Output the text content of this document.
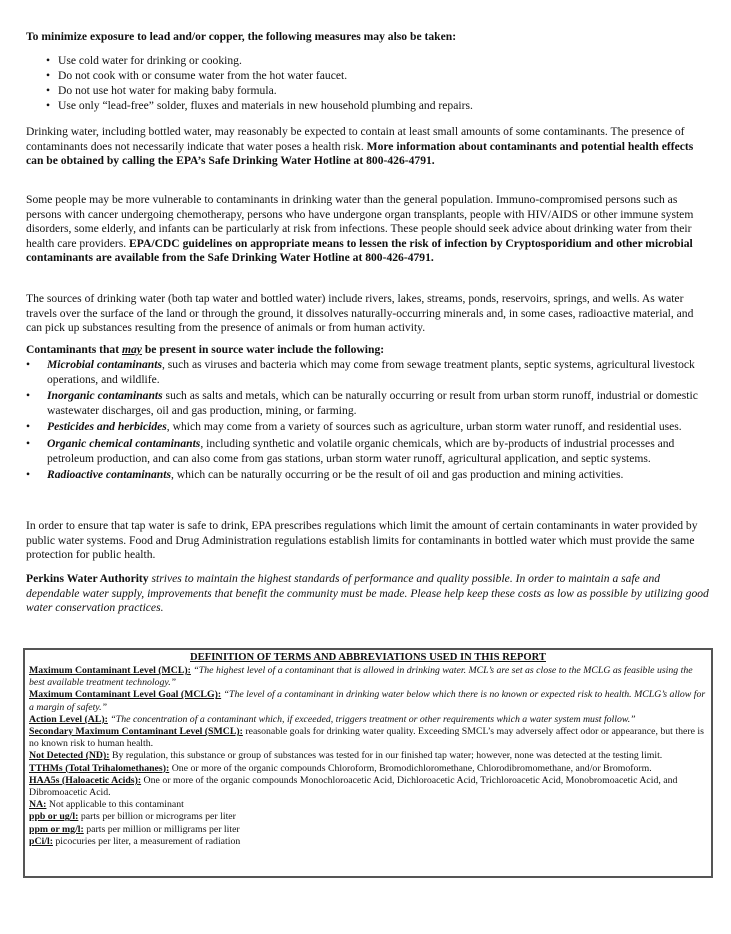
To minimize exposure to lead and/or copper, the following measures may also be taken:

• Use cold water for drinking or cooking.
• Do not cook with or consume water from the hot water faucet.
• Do not use hot water for making baby formula.
• Use only “lead-free” solder, fluxes and materials in new household plumbing and repairs.

Drinking water, including bottled water, may reasonably be expected to contain at least small amounts of some contaminants. The presence of contaminants does not necessarily indicate that water poses a health risk. More information about contaminants and potential health effects can be obtained by calling the EPA’s Safe Drinking Water Hotline at 800-426-4791.

Some people may be more vulnerable to contaminants in drinking water than the general population. Immuno-compromised persons such as persons with cancer undergoing chemotherapy, persons who have undergone organ transplants, people with HIV/AIDS or other immune system disorders, some elderly, and infants can be particularly at risk from infections. These people should seek advice about drinking water from their health care providers. EPA/CDC guidelines on appropriate means to lessen the risk of infection by Cryptosporidium and other microbial contaminants are available from the Safe Drinking Water Hotline at 800-426-4791.

The sources of drinking water (both tap water and bottled water) include rivers, lakes, streams, ponds, reservoirs, springs, and wells. As water travels over the surface of the land or through the ground, it dissolves naturally-occurring minerals and, in some cases, radioactive material, and can pick up substances resulting from the presence of animals or from human activity.

Contaminants that may be present in source water include the following:

• Microbial contaminants, such as viruses and bacteria which may come from sewage treatment plants, septic systems, agricultural livestock operations, and wildlife.
• Inorganic contaminants such as salts and metals, which can be naturally occurring or result from urban storm runoff, industrial or domestic wastewater discharges, oil and gas production, mining, or farming.
• Pesticides and herbicides, which may come from a variety of sources such as agriculture, urban storm water runoff, and residential uses.
• Organic chemical contaminants, including synthetic and volatile organic chemicals, which are by-products of industrial processes and petroleum production, and can also come from gas stations, urban storm water runoff, agricultural application, and septic systems.
• Radioactive contaminants, which can be naturally occurring or be the result of oil and gas production and mining activities.

In order to ensure that tap water is safe to drink, EPA prescribes regulations which limit the amount of certain contaminants in water provided by public water systems. Food and Drug Administration regulations establish limits for contaminants in bottled water which must provide the same protection for public health.

Perkins Water Authority strives to maintain the highest standards of performance and quality possible. In order to maintain a safe and dependable water supply, improvements that benefit the community must be made. Please help keep these costs as low as possible by utilizing good water conservation practices.

DEFINITION OF TERMS AND ABBREVIATIONS USED IN THIS REPORT

Maximum Contaminant Level (MCL): “The highest level of a contaminant that is allowed in drinking water. MCL’s are set as close to the MCLG as feasible using the best available treatment technology.”

Maximum Contaminant Level Goal (MCLG): “The level of a contaminant in drinking water below which there is no known or expected risk to health. MCLG’s allow for a margin of safety.”

Action Level (AL): “The concentration of a contaminant which, if exceeded, triggers treatment or other requirements which a water system must follow.”

Secondary Maximum Contaminant Level (SMCL): reasonable goals for drinking water quality. Exceeding SMCL’s may adversely affect odor or appearance, but there is no known risk to human health.

Not Detected (ND): By regulation, this substance or group of substances was tested for in our finished tap water; however, none was detected at the testing limit.

TTHMs (Total Trihalomethanes): One or more of the organic compounds Chloroform, Bromodichloromethane, Chlorodibromomethane, and/or Bromoform.

HAA5s (Haloacetic Acids): One or more of the organic compounds Monochloroacetic Acid, Dichloroacetic Acid, Trichloroacetic Acid, Monobromoacetic Acid, and Dibromoacetic Acid.

NA: Not applicable to this contaminant

ppb or ug/l: parts per billion or micrograms per liter

ppm or mg/l: parts per million or milligrams per liter

pCi/l: picocuries per liter, a measurement of radiation
